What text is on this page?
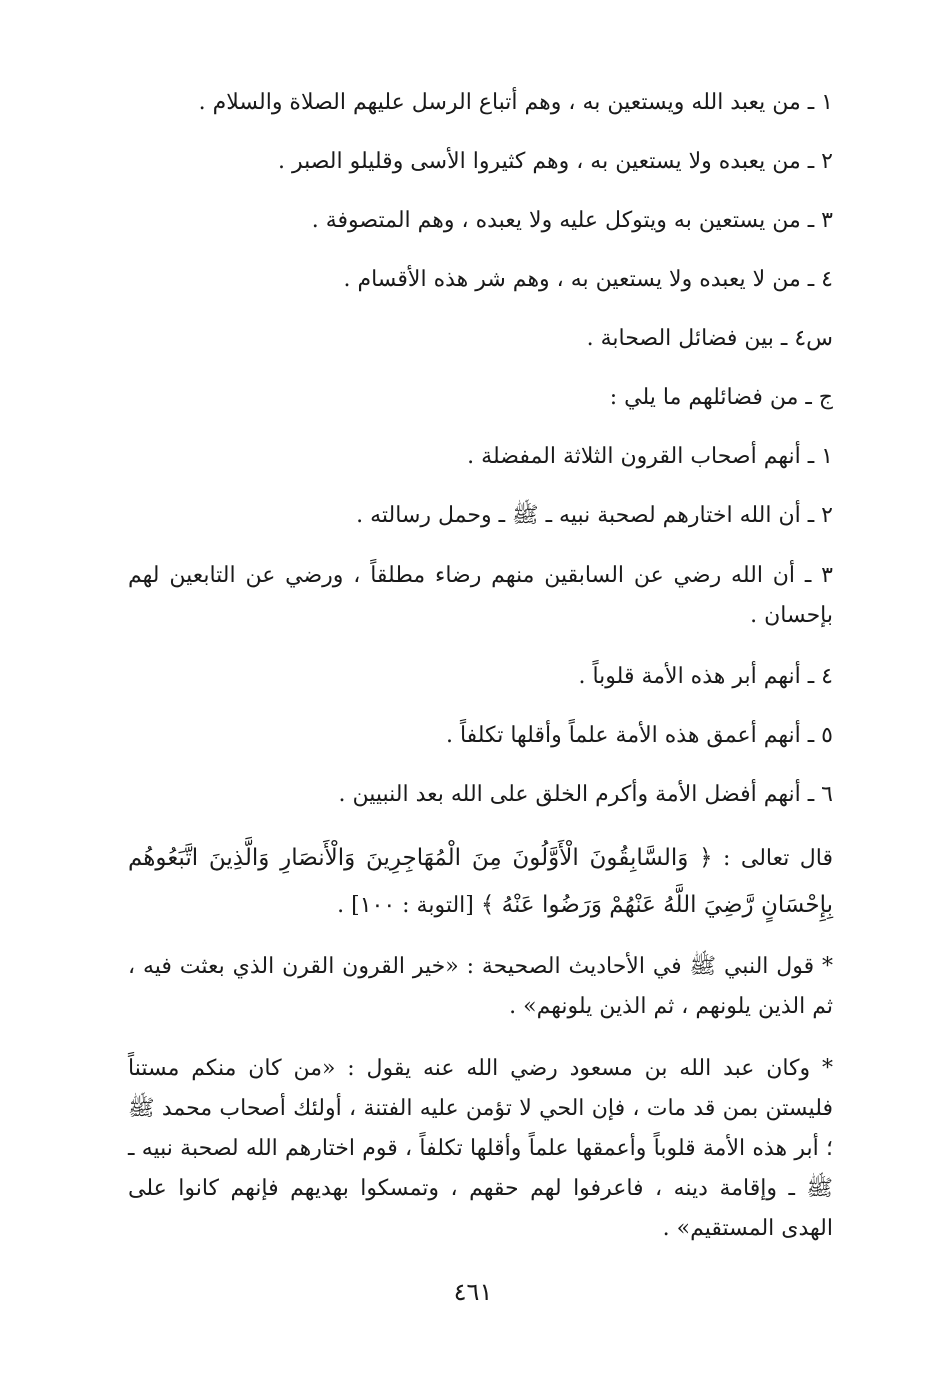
١ ـ من يعبد الله ويستعين به ، وهم أتباع الرسل عليهم الصلاة والسلام .

٢ ـ من يعبده ولا يستعين به ، وهم كثيروا الأسى وقليلو الصبر .

٣ ـ من يستعين به ويتوكل عليه ولا يعبده ، وهم المتصوفة .

٤ ـ من لا يعبده ولا يستعين به ، وهم شر هذه الأقسام .

س٤ ـ بين فضائل الصحابة .

ج ـ من فضائلهم ما يلي :

١ ـ أنهم أصحاب القرون الثلاثة المفضلة .

٢ ـ أن الله اختارهم لصحبة نبيه ـ ﷺ ـ وحمل رسالته .

٣ ـ أن الله رضي عن السابقين منهم رضاء مطلقاً ، ورضي عن التابعين لهم بإحسان .

٤ ـ أنهم أبر هذه الأمة قلوباً .

٥ ـ أنهم أعمق هذه الأمة علماً وأقلها تكلفاً .

٦ ـ أنهم أفضل الأمة وأكرم الخلق على الله بعد النبيين .

قال تعالى : ﴿ وَالسَّابِقُونَ الْأَوَّلُونَ مِنَ الْمُهَاجِرِينَ وَالْأَنصَارِ وَالَّذِينَ اتَّبَعُوهُم بِإِحْسَانٍ رَّضِيَ اللَّهُ عَنْهُمْ وَرَضُوا عَنْهُ ﴾ [التوبة : ١٠٠] .

* قول النبي ﷺ في الأحاديث الصحيحة : «خير القرون القرن الذي بعثت فيه ، ثم الذين يلونهم ، ثم الذين يلونهم» .

* وكان عبد الله بن مسعود رضي الله عنه يقول : «من كان منكم مستناً فليستن بمن قد مات ، فإن الحي لا تؤمن عليه الفتنة ، أولئك أصحاب محمد ﷺ ؛ أبر هذه الأمة قلوباً وأعمقها علماً وأقلها تكلفاً ، قوم اختارهم الله لصحبة نبيه ـ ﷺ ـ وإقامة دينه ، فاعرفوا لهم حقهم ، وتمسكوا بهديهم فإنهم كانوا على الهدى المستقيم» .

٤٦١
